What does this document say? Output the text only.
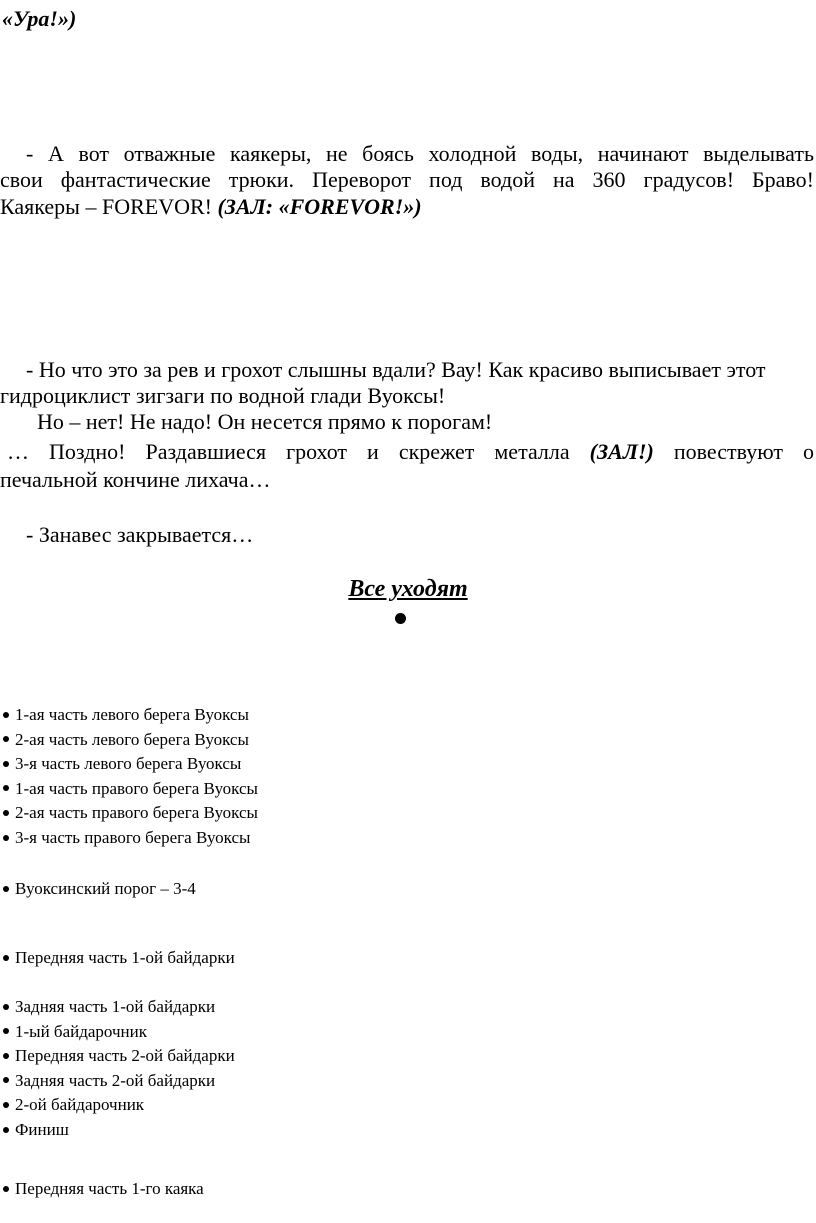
«Ура!»)
- А вот отважные каякеры, не боясь холодной воды, начинают выделывать
свои фантастические трюки. Переворот под водой на 360 градусов! Браво!
Каякеры – FOREVOR! (ЗАЛ: «FOREVOR!»)
- Но что это за рев и грохот слышны вдали? Вау! Как красиво выписывает этот
гидроциклист зигзаги по водной глади Вуоксы!
Но – нет! Не надо! Он несется прямо к порогам!
… Поздно! Раздавшиеся грохот и скрежет металла (ЗАЛ!) повествуют о
печальной кончине лихача…
- Занавес закрывается…
Все уходят
1-ая часть левого берега Вуоксы
2-ая часть левого берега Вуоксы
3-я часть левого берега Вуоксы
1-ая часть правого берега Вуоксы
2-ая часть правого берега Вуоксы
3-я часть правого берега Вуоксы
Вуоксинский порог – 3-4
Передняя часть 1-ой байдарки
Задняя часть 1-ой байдарки
1-ый байдарочник
Передняя часть 2-ой байдарки
Задняя часть 2-ой байдарки
2-ой байдарочник
Финиш
Передняя часть 1-го каяка
